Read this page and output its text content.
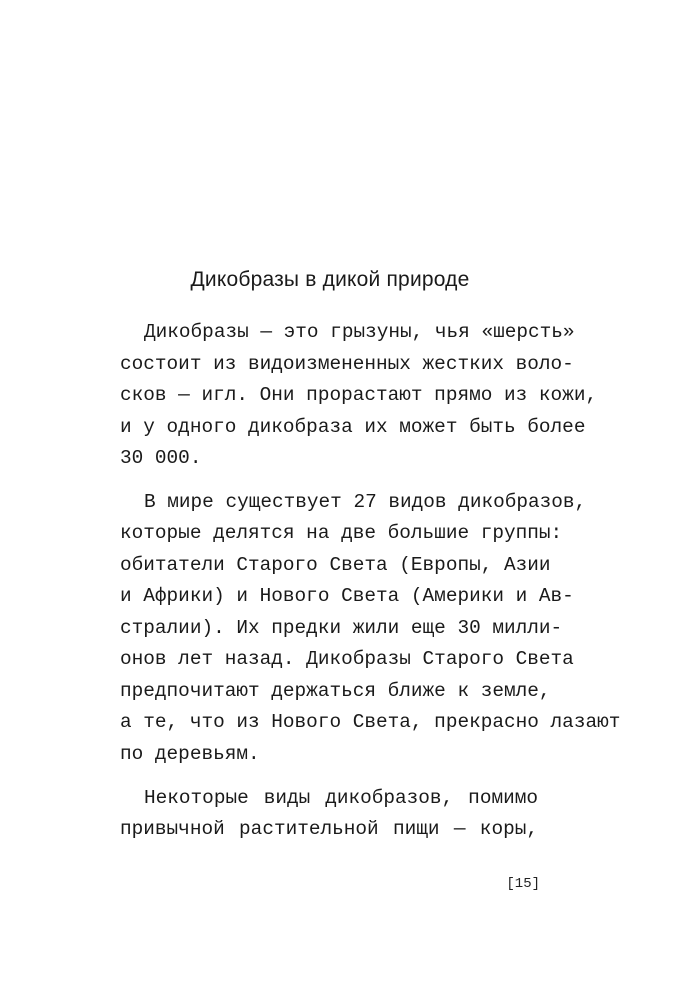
Дикобразы в дикой природе
Дикобразы — это грызуны, чья «шерсть»
состоит из видоизмененных жестких воло-
сков — игл. Они прорастают прямо из кожи,
и у одного дикобраза их может быть более
30 000.
В мире существует 27 видов дикобразов,
которые делятся на две большие группы:
обитатели Старого Света (Европы, Азии
и Африки) и Нового Света (Америки и Ав-
стралии). Их предки жили еще 30 милли-
онов лет назад. Дикобразы Старого Света
предпочитают держаться ближе к земле,
а те, что из Нового Света, прекрасно лазают
по деревьям.
Некоторые виды дикобразов, помимо
привычной растительной пищи — коры,
[15]
